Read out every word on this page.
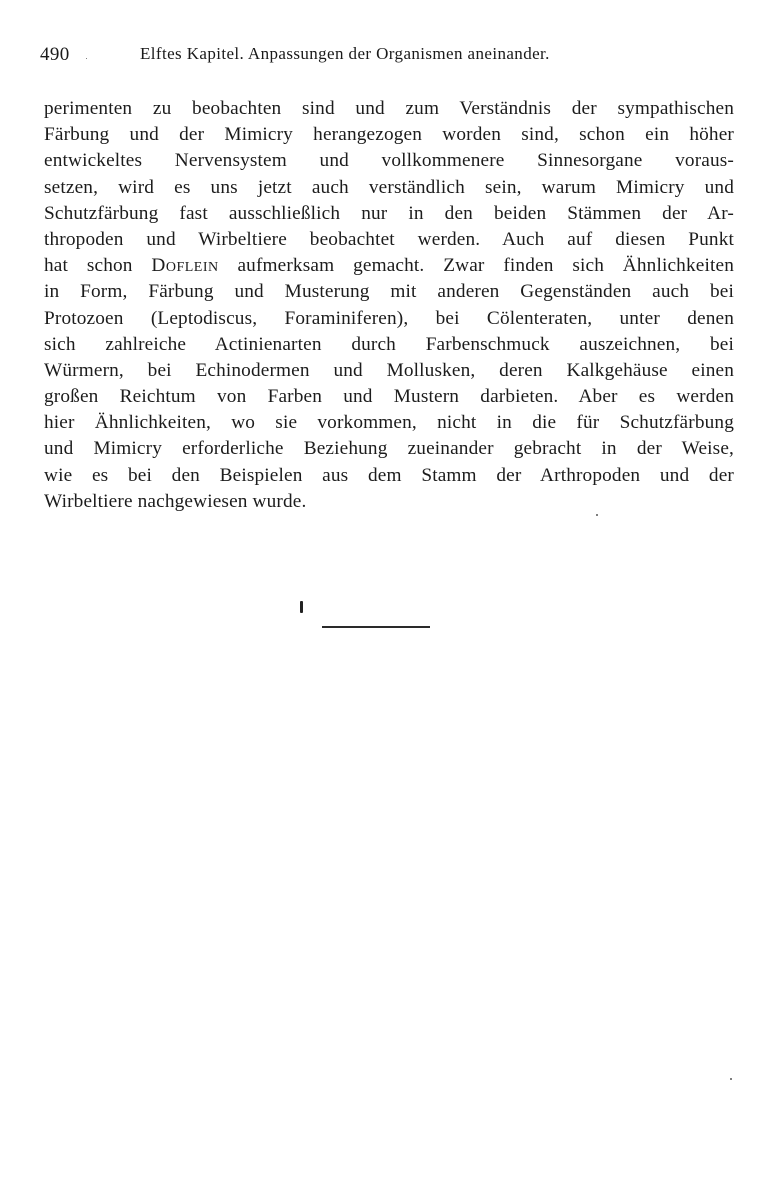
490	Elftes Kapitel. Anpassungen der Organismen aneinander.
perimenten zu beobachten sind und zum Verständnis der sympathischen
Färbung und der Mimicry herangezogen worden sind, schon ein höher
entwickeltes Nervensystem und vollkommenere Sinnesorgane voraus-
setzen, wird es uns jetzt auch verständlich sein, warum Mimicry und
Schutzfärbung fast ausschließlich nur in den beiden Stämmen der Ar-
thropoden und Wirbeltiere beobachtet werden. Auch auf diesen Punkt
hat schon Doflein aufmerksam gemacht. Zwar finden sich Ähnlichkeiten
in Form, Färbung und Musterung mit anderen Gegenständen auch bei
Protozoen (Leptodiscus, Foraminiferen), bei Cölenteraten, unter denen
sich zahlreiche Actinienarten durch Farbenschmuck auszeichnen, bei
Würmern, bei Echinodermen und Mollusken, deren Kalkgehäuse einen
großen Reichtum von Farben und Mustern darbieten. Aber es werden
hier Ähnlichkeiten, wo sie vorkommen, nicht in die für Schutzfärbung
und Mimicry erforderliche Beziehung zueinander gebracht in der Weise,
wie es bei den Beispielen aus dem Stamm der Arthropoden und der
Wirbeltiere nachgewiesen wurde.
